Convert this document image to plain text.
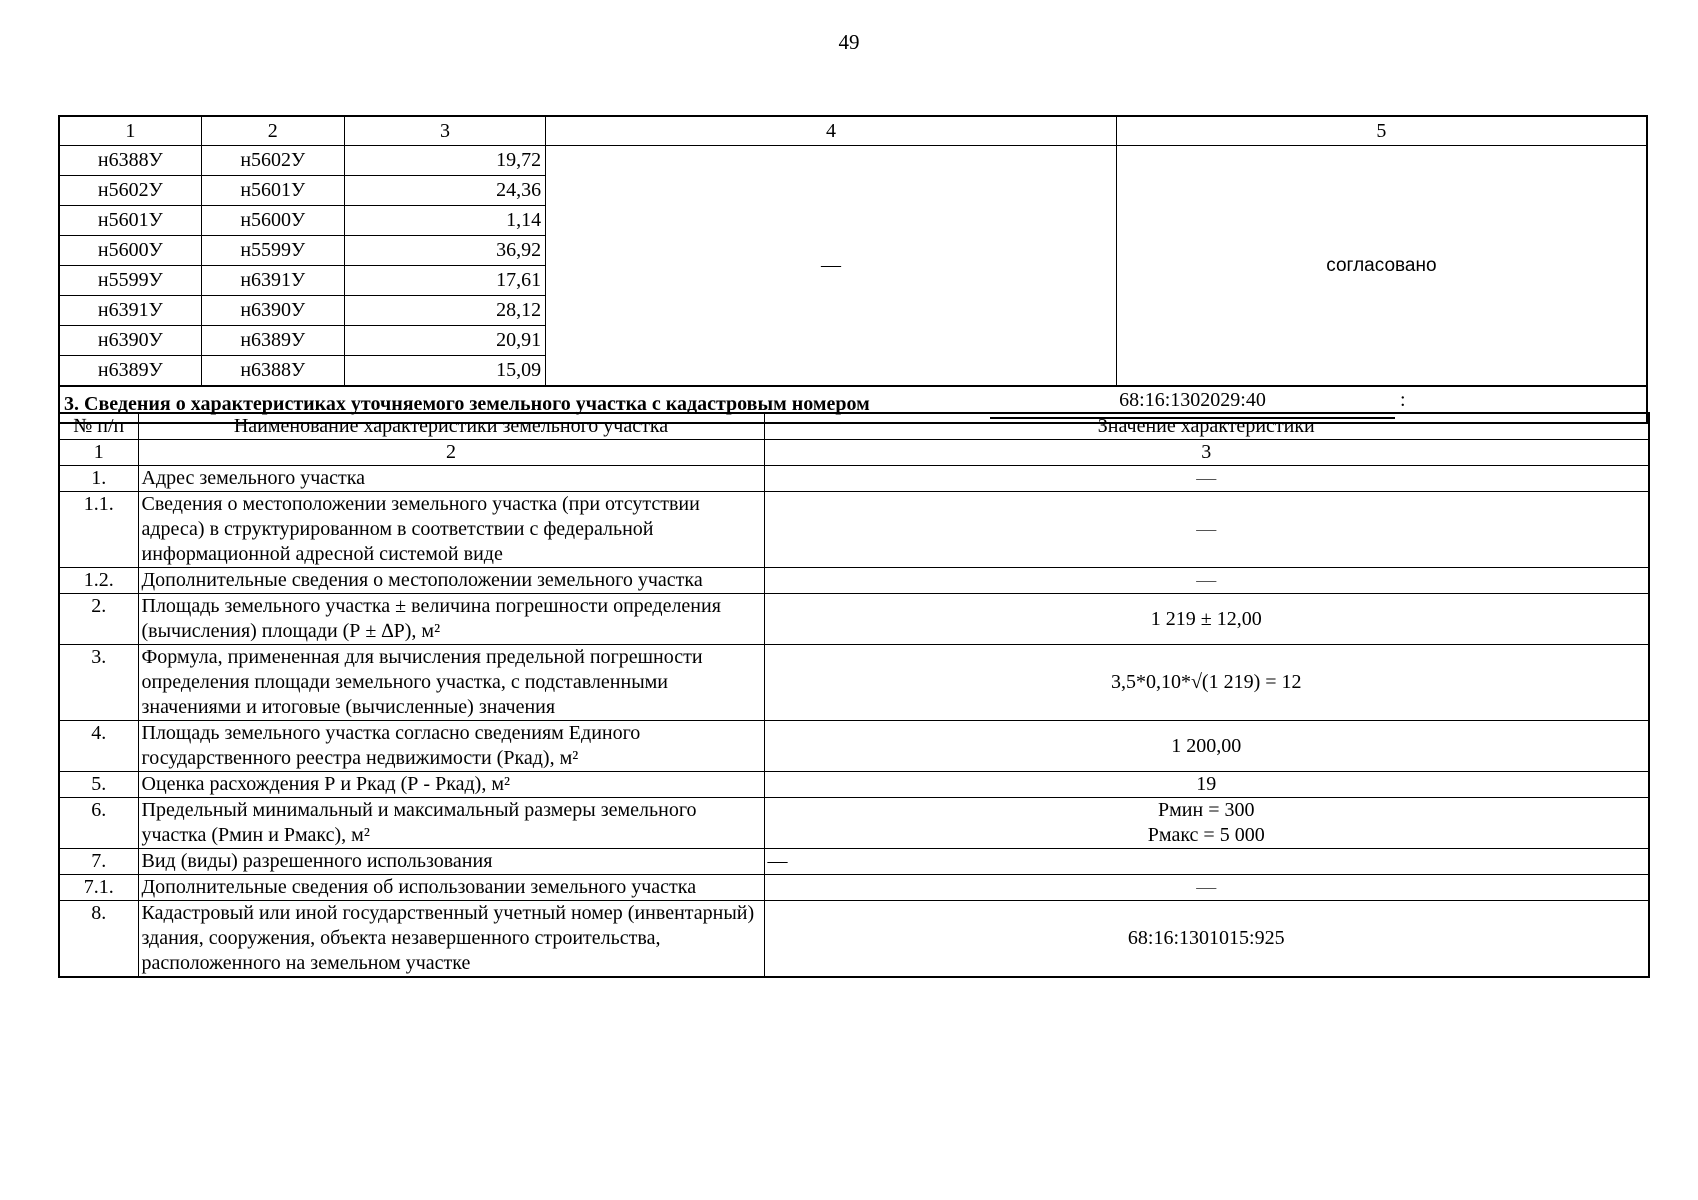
49
1	2	3	4	5
н6388У	н5602У	19,72	—	согласовано
н5602У	н5601У	24,36		
н5601У	н5600У	1,14		
н5600У	н5599У	36,92		
н5599У	н6391У	17,61		
н6391У	н6390У	28,12		
н6390У	н6389У	20,91		
н6389У	н6388У	15,09		
3. Сведения о характеристиках уточняемого земельного участка с кадастровым номером 68:16:1302029:40 :				
№ п/п	Наименование характеристики земельного участка	Значение характеристики
1	2	3
1.	Адрес земельного участка	—
1.1.	Сведения о местоположении земельного участка (при отсутствии адреса) в структурированном в соответствии с федеральной информационной адресной системой виде	—
1.2.	Дополнительные сведения о местоположении земельного участка	—
2.	Площадь земельного участка ± величина погрешности определения (вычисления) площади (Р ± ∆Р), м²	1 219 ± 12,00
3.	Формула, примененная для вычисления предельной погрешности определения площади земельного участка, с подставленными значениями и итоговые (вычисленные) значения	3,5*0,10*√(1 219) = 12
4.	Площадь земельного участка согласно сведениям Единого государственного реестра недвижимости (Ркад), м²	1 200,00
5.	Оценка расхождения Р и Ркад (Р - Ркад), м²	19
6.	Предельный минимальный и максимальный размеры земельного участка (Рмин и Рмакс), м²	Рмин = 300
Рмакс = 5 000

7.	Вид (виды) разрешенного использования	—
7.1.	Дополнительные сведения об использовании земельного участка	—
8.	Кадастровый или иной государственный учетный номер (инвентарный) здания, сооружения, объекта незавершенного строительства, расположенного на земельном участке	68:16:1301015:925
